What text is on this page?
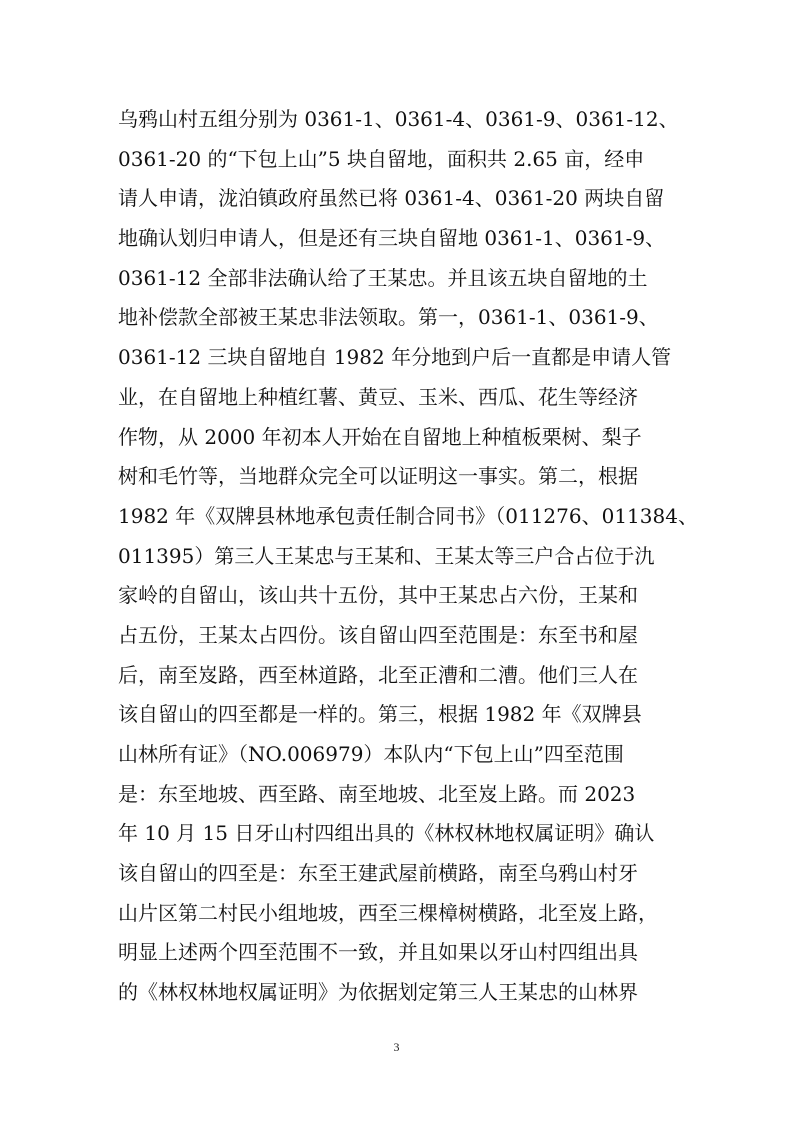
乌鸦山村五组分别为 0361-1、0361-4、0361-9、0361-12、
0361-20 的“下包上山”5 块自留地，面积共 2.65 亩，经申
请人申请，泷泊镇政府虽然已将 0361-4、0361-20 两块自留
地确认划归申请人，但是还有三块自留地 0361-1、0361-9、
0361-12 全部非法确认给了王某忠。并且该五块自留地的土
地补偿款全部被王某忠非法领取。第一，0361-1、0361-9、
0361-12 三块自留地自 1982 年分地到户后一直都是申请人管
业，在自留地上种植红薯、黄豆、玉米、西瓜、花生等经济
作物，从 2000 年初本人开始在自留地上种植板栗树、梨子
树和毛竹等，当地群众完全可以证明这一事实。第二，根据
1982 年《双牌县林地承包责任制合同书》（011276、011384、
011395）第三人王某忠与王某和、王某太等三户合占位于氿
家岭的自留山，该山共十五份，其中王某忠占六份，王某和
占五份，王某太占四份。该自留山四至范围是：东至书和屋
后，南至岌路，西至林道路，北至正漕和二漕。他们三人在
该自留山的四至都是一样的。第三，根据 1982 年《双牌县
山林所有证》（NO.006979）本队内“下包上山”四至范围
是：东至地坡、西至路、南至地坡、北至岌上路。而 2023
年 10 月 15 日牙山村四组出具的《林权林地权属证明》确认
该自留山的四至是：东至王建武屋前横路，南至乌鸦山村牙
山片区第二村民小组地坡，西至三棵樟树横路，北至岌上路，
明显上述两个四至范围不一致，并且如果以牙山村四组出具
的《林权林地权属证明》为依据划定第三人王某忠的山林界
3
